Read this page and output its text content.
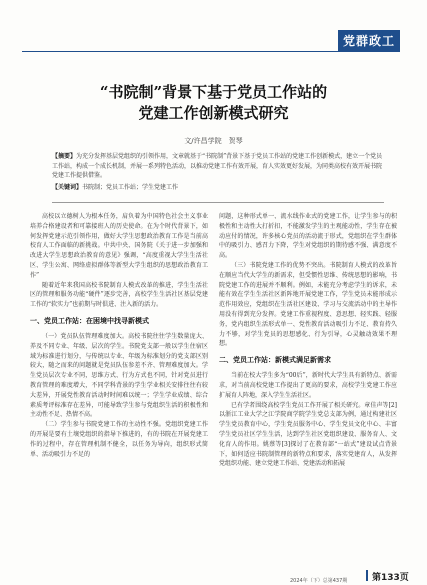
党群政工
“书院制”背景下基于党员工作站的
党建工作创新模式研究
文/许昌学院　贺琴

【摘要】为充分发挥基层党组织的引领作用，文章就基于“书院制”背景下基于党员工作站的党建工作创新模式，建立一个党员工作站，构成一个成长机制，并展一系列特色活动，以推动党建工作有效开展，育人实效更好发展，为同类高校有效开展书院党建工作提供借鉴。

【关键词】书院制；党员工作站；学生党建工作

高校以立德树人为根本任务，肩负着为中国特色社会主义事业培养合格建设者和可靠接班人的历史使命。在为个时代背景下，如何发挥党建示范引领作用，做好大学生思想政治教育工作是当前高校育人工作面临的新挑战。中共中央、国务院《关于进一步加强和改进大学生思想政治教育的意见》强调，“高度重视大学生生活社区、学生公寓、网络虚拟群体等新型大学生组织的思想政治教育工作”

随着近年来我国高校书院制育人模式改革的推进，学生生活社区的管理和服务功能“硬件”逐步完善，高校学生生活社区基层党建工作的“软实力”也前期与时俱进、注入新的活力。

一、党员工作站：在困境中找寻新模式

（一）党员队伍管理难度加大。高校书院往往学生数量庞大、养及不同专业、年级、层次的学生。书院党支部一般以学生住宿区域为标准进行划分，与传统以专业、年级为标准划分的党支部区别较大，随之而来的问题就是党员队伍参差不齐、管理难度加大。学生党员层次专业不同，思维方式、行为方式也不同，针对党员进行教育管理的难度增大，不同学科背景的学生学业相关安排往往有较大差异，开展党性教育活动时时间难以统一；学生学业成绩、综合素质考评标准存在差异，可能导致学生参与党组织生活的积极性和主动性不足、热情不高。

（二）学生参与书院党建工作的主动性不强。党组织党建工作的开展是要有土壤党组织的指导下推进的，有的书院在开展党建工作的过程中，存在管理机制不健全，以任务为导向，组织形式简单、活动吸引力不足的

问题，这种形式单一、流水线作业式的党建工作，让学生参与的积极性和主动性大打折扣，不能激发学生的主观能动性，学生存在被动应付的情况，许多核心党员的活动流于形式，党组织在学生群体中的吸引力、感召力下降，学生对党组织的期待感不强、满意度不高。

（三）书院党建工作的优势不突出。书院制育人模式的改革旨在顺应当代大学生的新需求，但受惯性思维、传统思想的影响，书院党建工作的进展并不顺利。例如，未能充分考虑学生的诉求，未能有效在学生生活社区新阵地开展党建工作，学生党员未能形成示范作用效应，党组织在生活社区建设、学习与交流活动中的主导作用没有得到充分发挥。党建工作重视程度、意思想、轻实践、轻服务，党内组织生活形式单一、党性教育活动吸引力不足、教育持久力不够，对学生党员的思想感化、行为引导，心灵触动效果不理想。

二、党员工作站：新模式满足新需求

当前在校大学生多为“00后”，新时代大学生具有新特点、新需求，对当前高校党建工作提出了更高的要求，高校学生党建工作应扩展育人阵地，深入学生生活社区。

已有学者围绕高校学生党员工作开展了相关研究。章佳声等[2]以浙江工业大学之江学院商学院学生党总支部为例，通过构建社区学生党员教育中心，学生党员服务中心、学生党员文化中心、丰富学生党员社区学生生活，达到学生社区党组织建设、服务育人、文化育人的作用。姚蔡等[3]探讨了在教育部“一站式”建设试点背景下，如何适应书院制管理的新特点和要求，落实党建育人，从发挥党组织功能、建立党建工作站、党建活动和拓展

2024年（下）总第437期	第133页
